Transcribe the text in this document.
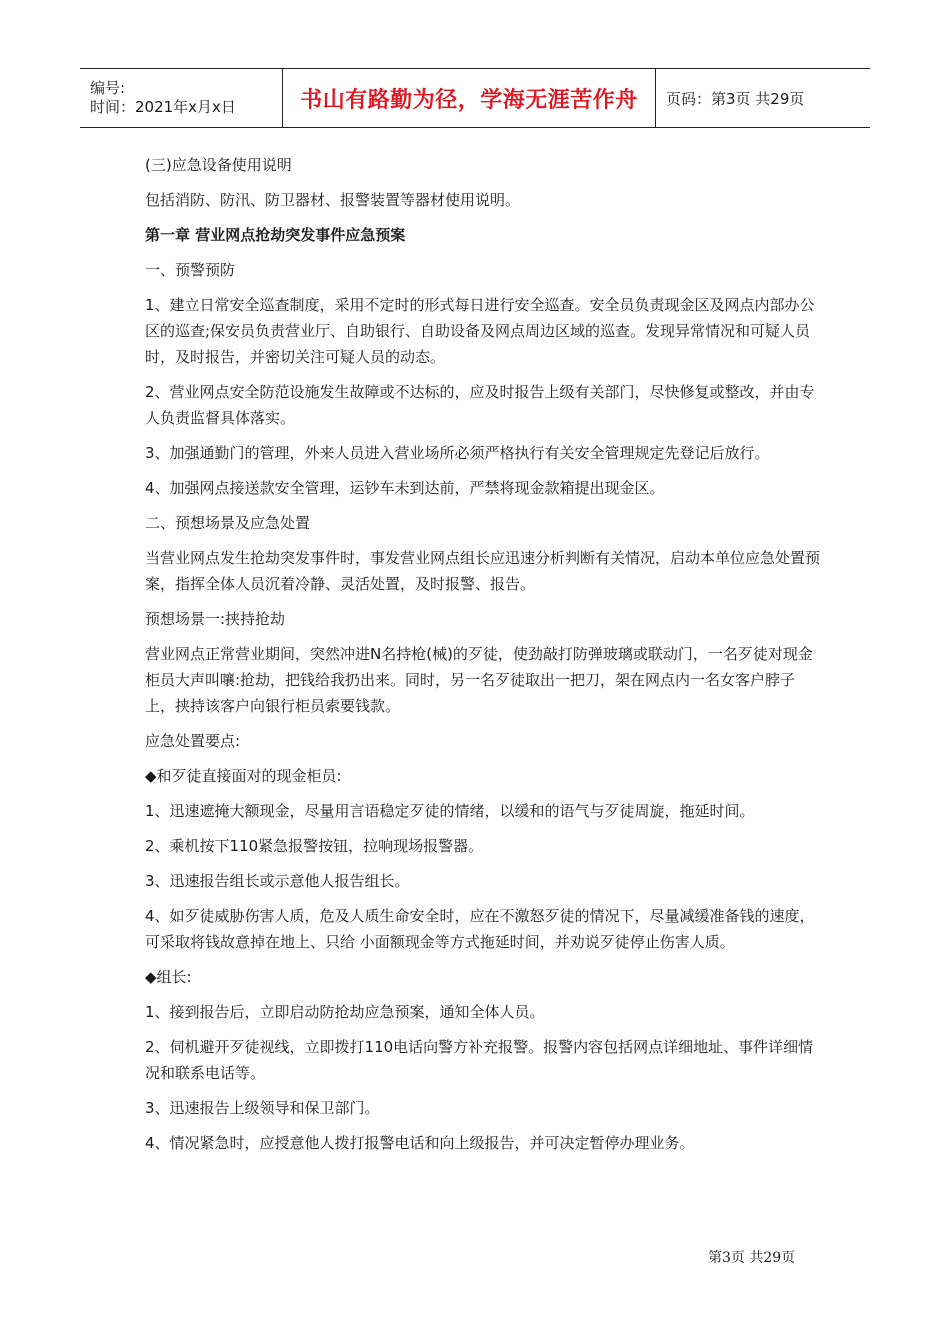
编号:
时间：2021年x月x日	书山有路勤为径，学海无涯苦作舟	页码：第3页 共29页

(三)应急设备使用说明

包括消防、防汛、防卫器材、报警装置等器材使用说明。

第一章 营业网点抢劫突发事件应急预案

一、预警预防

1、建立日常安全巡查制度，采用不定时的形式每日进行安全巡查。安全员负责现金区及网点内部办公区的巡查;保安员负责营业厅、自助银行、自助设备及网点周边区域的巡查。发现异常情况和可疑人员时，及时报告，并密切关注可疑人员的动态。

2、营业网点安全防范设施发生故障或不达标的，应及时报告上级有关部门，尽快修复或整改，并由专人负责监督具体落实。

3、加强通勤门的管理，外来人员进入营业场所必须严格执行有关安全管理规定先登记后放行。

4、加强网点接送款安全管理，运钞车未到达前，严禁将现金款箱提出现金区。

二、预想场景及应急处置

当营业网点发生抢劫突发事件时，事发营业网点组长应迅速分析判断有关情况，启动本单位应急处置预案，指挥全体人员沉着冷静、灵活处置，及时报警、报告。

预想场景一:挟持抢劫

营业网点正常营业期间，突然冲进N名持枪(械)的歹徒，使劲敲打防弹玻璃或联动门，一名歹徒对现金柜员大声叫嚷:抢劫，把钱给我扔出来。同时，另一名歹徒取出一把刀，架在网点内一名女客户脖子上，挟持该客户向银行柜员索要钱款。

应急处置要点:

◆和歹徒直接面对的现金柜员:

1、迅速遮掩大额现金，尽量用言语稳定歹徒的情绪，以缓和的语气与歹徒周旋，拖延时间。

2、乘机按下110紧急报警按钮，拉响现场报警器。

3、迅速报告组长或示意他人报告组长。

4、如歹徒威胁伤害人质，危及人质生命安全时，应在不激怒歹徒的情况下，尽量减缓准备钱的速度，可采取将钱故意掉在地上、只给 小面额现金等方式拖延时间，并劝说歹徒停止伤害人质。

◆组长:

1、接到报告后，立即启动防抢劫应急预案，通知全体人员。

2、伺机避开歹徒视线，立即拨打110电话向警方补充报警。报警内容包括网点详细地址、事件详细情况和联系电话等。

3、迅速报告上级领导和保卫部门。

4、情况紧急时，应授意他人拨打报警电话和向上级报告，并可决定暂停办理业务。

第3页 共29页
